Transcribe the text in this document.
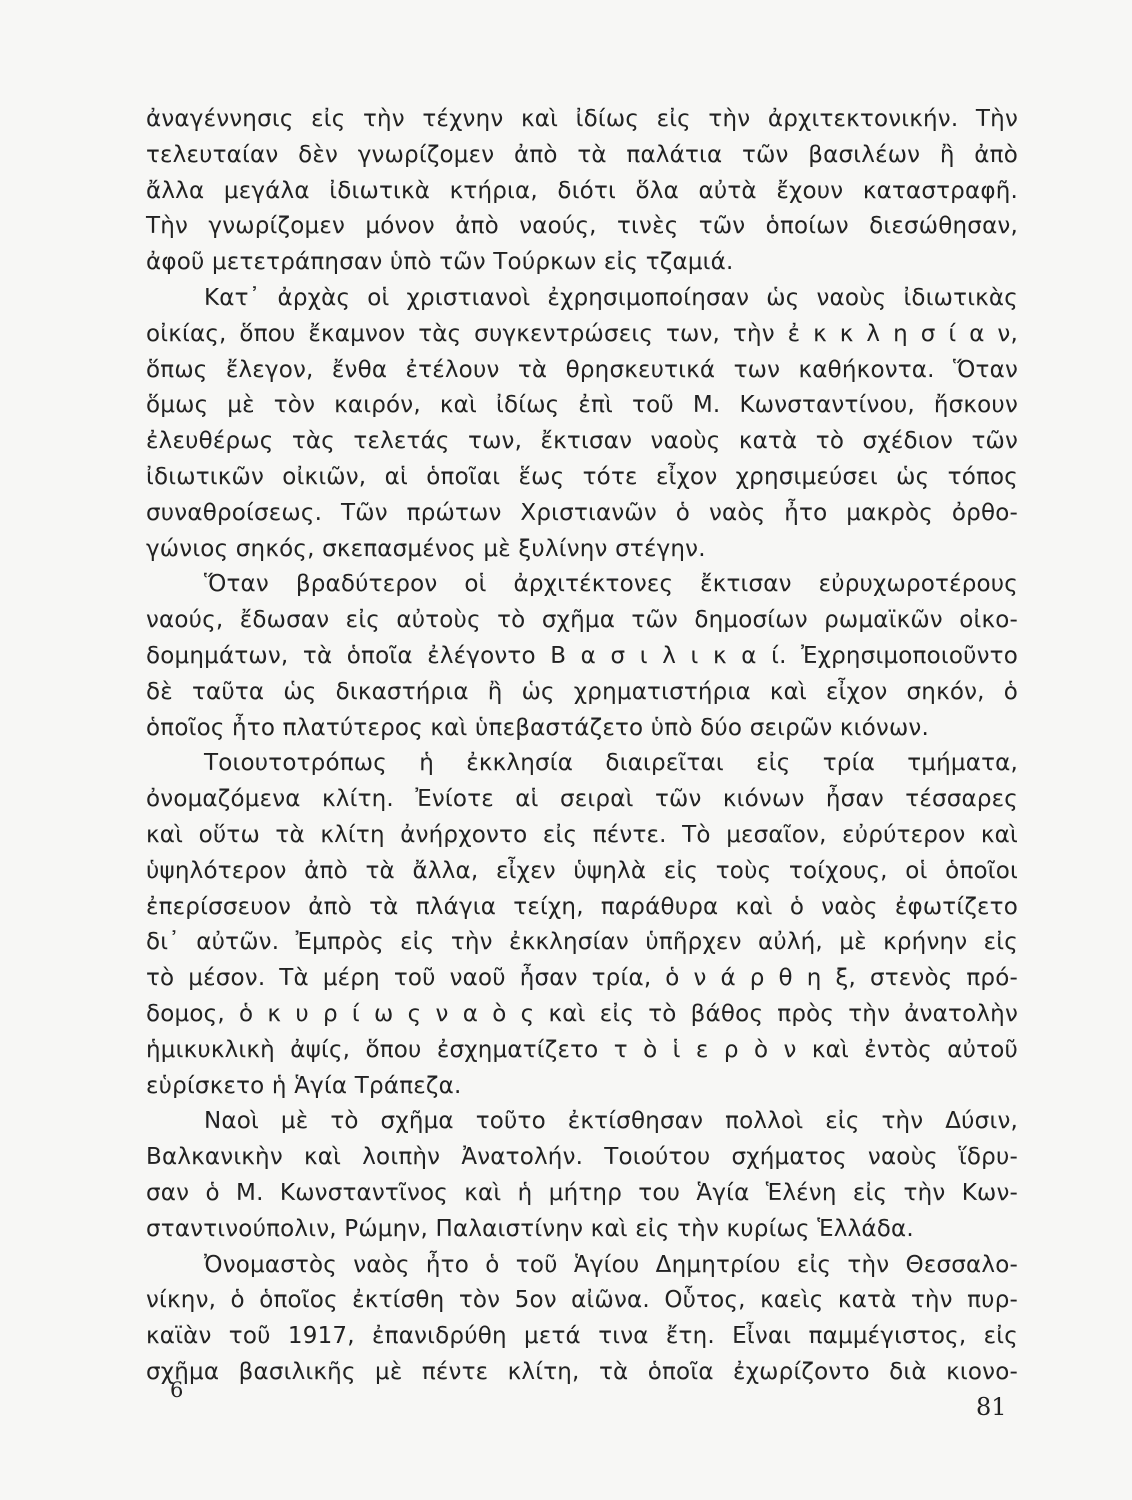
ἀναγέννησις εἰς τὴν τέχνην καὶ ἰδίως εἰς τὴν ἀρχιτεκτονικήν. Τὴν
τελευταίαν δὲν γνωρίζομεν ἀπὸ τὰ παλάτια τῶν βασιλέων ἢ ἀπὸ
ἄλλα μεγάλα ἰδιωτικὰ κτήρια, διότι ὅλα αὐτὰ ἔχουν καταστραφῆ.
Τὴν γνωρίζομεν μόνον ἀπὸ ναούς, τινὲς τῶν ὁποίων διεσώθησαν,
ἀφοῦ μετετράπησαν ὑπὸ τῶν Τούρκων εἰς τζαμιά.
Κατ᾽ ἀρχὰς οἱ χριστιανοὶ ἐχρησιμοποίησαν ὡς ναοὺς ἰδιωτικὰς
οἰκίας, ὅπου ἔκαμνον τὰς συγκεντρώσεις των, τὴν ἐ κ κ λ η σ ί α ν,
ὅπως ἔλεγον, ἔνθα ἐτέλουν τὰ θρησκευτικά των καθήκοντα. Ὅταν
ὅμως μὲ τὸν καιρόν, καὶ ἰδίως ἐπὶ τοῦ Μ. Κωνσταντίνου, ἤσκουν
ἐλευθέρως τὰς τελετάς των, ἔκτισαν ναοὺς κατὰ τὸ σχέδιον τῶν
ἰδιωτικῶν οἰκιῶν, αἱ ὁποῖαι ἕως τότε εἶχον χρησιμεύσει ὡς τόπος
συναθροίσεως. Τῶν πρώτων Χριστιανῶν ὁ ναὸς ἦτο μακρὸς ὀρθο-
γώνιος σηκός, σκεπασμένος μὲ ξυλίνην στέγην.
Ὅταν βραδύτερον οἱ ἀρχιτέκτονες ἔκτισαν εὐρυχωροτέρους
ναούς, ἔδωσαν εἰς αὐτοὺς τὸ σχῆμα τῶν δημοσίων ρωμαϊκῶν οἰκο-
δομημάτων, τὰ ὁποῖα ἐλέγοντο Β α σ ι λ ι κ α ί. Ἐχρησιμοποιοῦντο
δὲ ταῦτα ὡς δικαστήρια ἢ ὡς χρηματιστήρια καὶ εἶχον σηκόν, ὁ
ὁποῖος ἦτο πλατύτερος καὶ ὑπεβαστάζετο ὑπὸ δύο σειρῶν κιόνων.
Τοιουτοτρόπως ἡ ἐκκλησία διαιρεῖται εἰς τρία τμήματα,
ὀνομαζόμενα κλίτη. Ἐνίοτε αἱ σειραὶ τῶν κιόνων ἦσαν τέσσαρες
καὶ οὕτω τὰ κλίτη ἀνήρχοντο εἰς πέντε. Τὸ μεσαῖον, εὐρύτερον καὶ
ὑψηλότερον ἀπὸ τὰ ἄλλα, εἶχεν ὑψηλὰ εἰς τοὺς τοίχους, οἱ ὁποῖοι
ἐπερίσσευον ἀπὸ τὰ πλάγια τείχη, παράθυρα καὶ ὁ ναὸς ἐφωτίζετο
δι᾽ αὐτῶν. Ἐμπρὸς εἰς τὴν ἐκκλησίαν ὑπῆρχεν αὐλή, μὲ κρήνην εἰς
τὸ μέσον. Τὰ μέρη τοῦ ναοῦ ἦσαν τρία, ὁ ν ά ρ θ η ξ, στενὸς πρό-
δομος, ὁ κ υ ρ ί ω ς ν α ὸ ς καὶ εἰς τὸ βάθος πρὸς τὴν ἀνατολὴν
ἡμικυκλικὴ ἀψίς, ὅπου ἐσχηματίζετο τ ὸ ἱ ε ρ ὸ ν καὶ ἐντὸς αὐτοῦ
εὑρίσκετο ἡ Ἁγία Τράπεζα.
Ναοὶ μὲ τὸ σχῆμα τοῦτο ἐκτίσθησαν πολλοὶ εἰς τὴν Δύσιν,
Βαλκανικὴν καὶ λοιπὴν Ἀνατολήν. Τοιούτου σχήματος ναοὺς ἵδρυ-
σαν ὁ Μ. Κωνσταντῖνος καὶ ἡ μήτηρ του Ἁγία Ἑλένη εἰς τὴν Κων-
σταντινούπολιν, Ρώμην, Παλαιστίνην καὶ εἰς τὴν κυρίως Ἑλλάδα.
Ὀνομαστὸς ναὸς ἦτο ὁ τοῦ Ἁγίου Δημητρίου εἰς τὴν Θεσσαλο-
νίκην, ὁ ὁποῖος ἐκτίσθη τὸν 5ον αἰῶνα. Οὗτος, καεὶς κατὰ τὴν πυρ-
καϊὰν τοῦ 1917, ἐπανιδρύθη μετά τινα ἔτη. Εἶναι παμμέγιστος, εἰς
σχῆμα βασιλικῆς μὲ πέντε κλίτη, τὰ ὁποῖα ἐχωρίζοντο διὰ κιονο-
6
81
